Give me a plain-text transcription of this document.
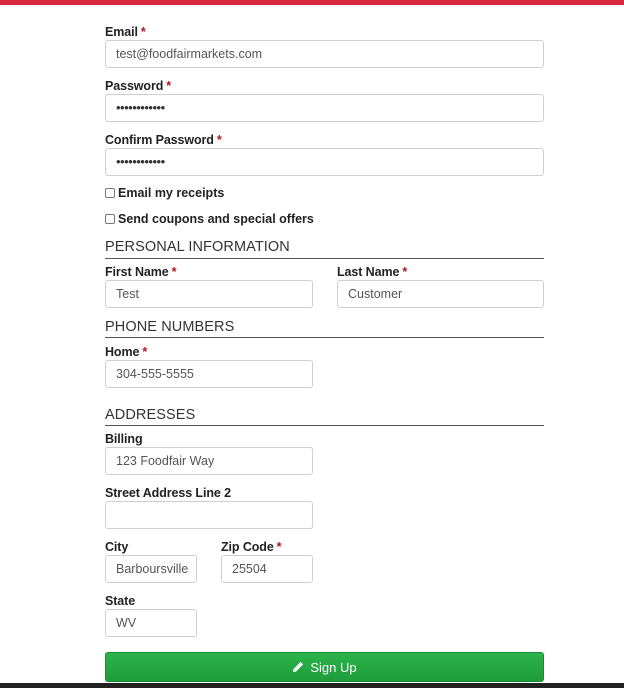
Email *
test@foodfairmarkets.com
Password *
••••••••••••
Confirm Password *
••••••••••••
Email my receipts
Send coupons and special offers
PERSONAL INFORMATION
First Name *
Test
Last Name *
Customer
PHONE NUMBERS
Home *
304-555-5555
ADDRESSES
Billing
123 Foodfair Way
Street Address Line 2
City
Barboursville
Zip Code *
25504
State
WV
Sign Up
